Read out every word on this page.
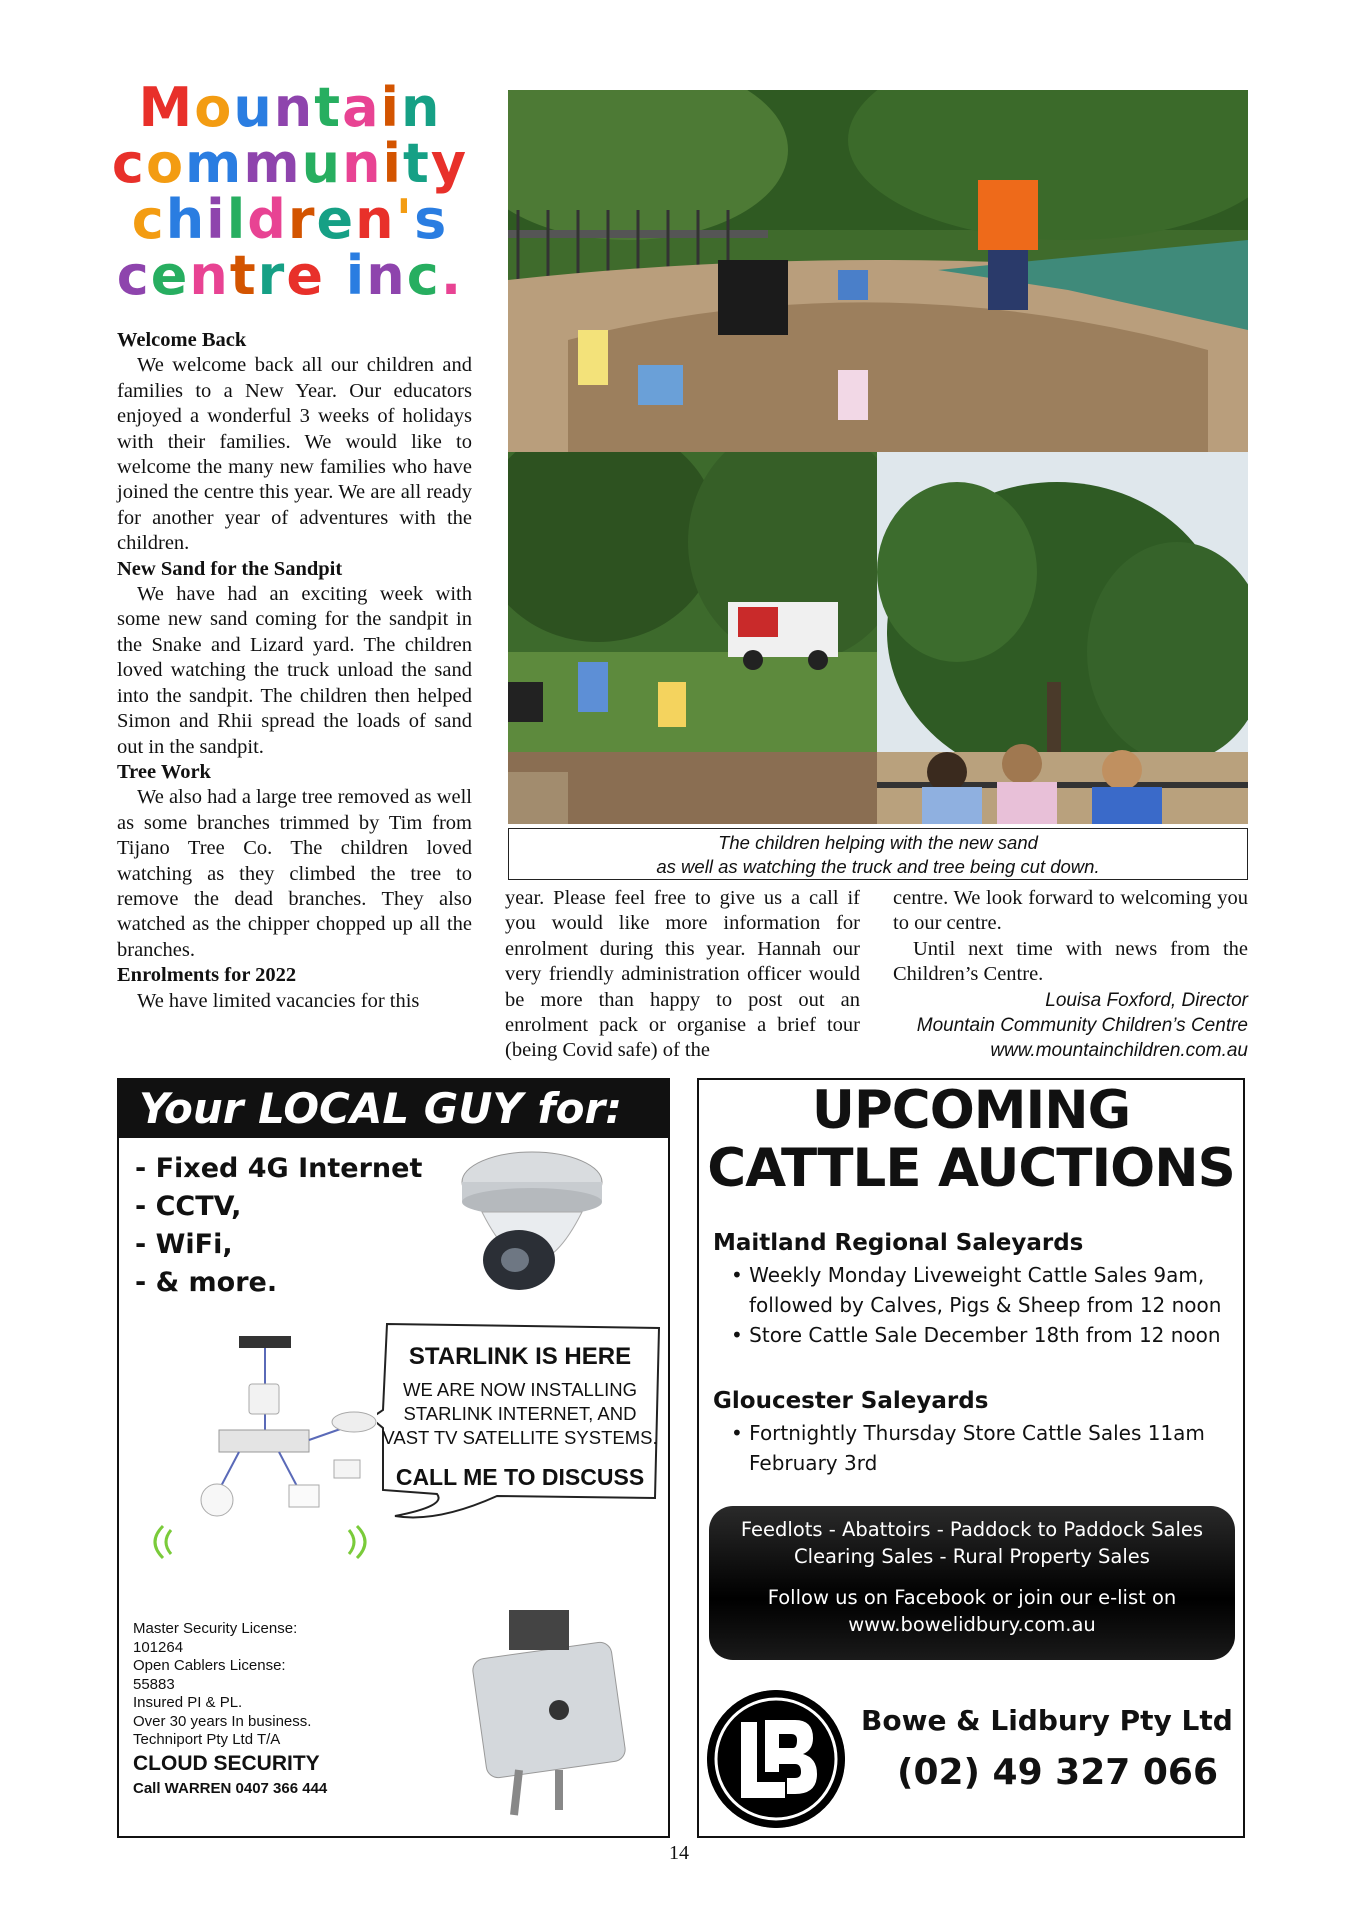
Mountain
community
children's
centre inc.
Welcome Back

We welcome back all our children and families to a New Year. Our educators enjoyed a wonderful 3 weeks of holidays with their families. We would like to welcome the many new families who have joined the centre this year. We are all ready for another year of adventures with the children.

New Sand for the Sandpit

We have had an exciting week with some new sand coming for the sandpit in the Snake and Lizard yard. The children loved watching the truck unload the sand into the sandpit. The children then helped Simon and Rhii spread the loads of sand out in the sandpit.

Tree Work

We also had a large tree removed as well as some branches trimmed by Tim from Tijano Tree Co. The children loved watching as they climbed the tree to remove the dead branches. They also watched as the chipper chopped up all the branches.

Enrolments for 2022

We have limited vacancies for this

The children helping with the new sand
as well as watching the truck and tree being cut down.

year. Please feel free to give us a call if you would like more information for enrolment during this year. Hannah our very friendly administration officer would be more than happy to post out an enrolment pack or organise a brief tour (being Covid safe) of the

centre. We look forward to welcoming you to our centre.

Until next time with news from the Children’s Centre.

Louisa Foxford, Director
Mountain Community Children’s Centre
www.mountainchildren.com.au
Your LOCAL GUY for:
- Fixed 4G Internet
- CCTV,
- WiFi,
- & more.
STARLINK IS HERE
WE ARE NOW INSTALLING STARLINK INTERNET, AND VAST TV SATELLITE SYSTEMS.
CALL ME TO DISCUSS
Master Security License:
101264
Open Cablers License:
55883
Insured PI & PL.
Over 30 years In business.
Techniport Pty Ltd T/A
CLOUD SECURITY
Call WARREN 0407 366 444
UPCOMING
CATTLE AUCTIONS
Maitland Regional Saleyards
• Weekly Monday Liveweight Cattle Sales 9am, followed by Calves, Pigs & Sheep from 12 noon
• Store Cattle Sale December 18th from 12 noon
Gloucester Saleyards
• Fortnightly Thursday Store Cattle Sales 11am February 3rd
Feedlots - Abattoirs - Paddock to Paddock Sales
Clearing Sales - Rural Property Sales
Follow us on Facebook or join our e-list on
www.bowelidbury.com.au
Bowe & Lidbury Pty Ltd
(02) 49 327 066
14
